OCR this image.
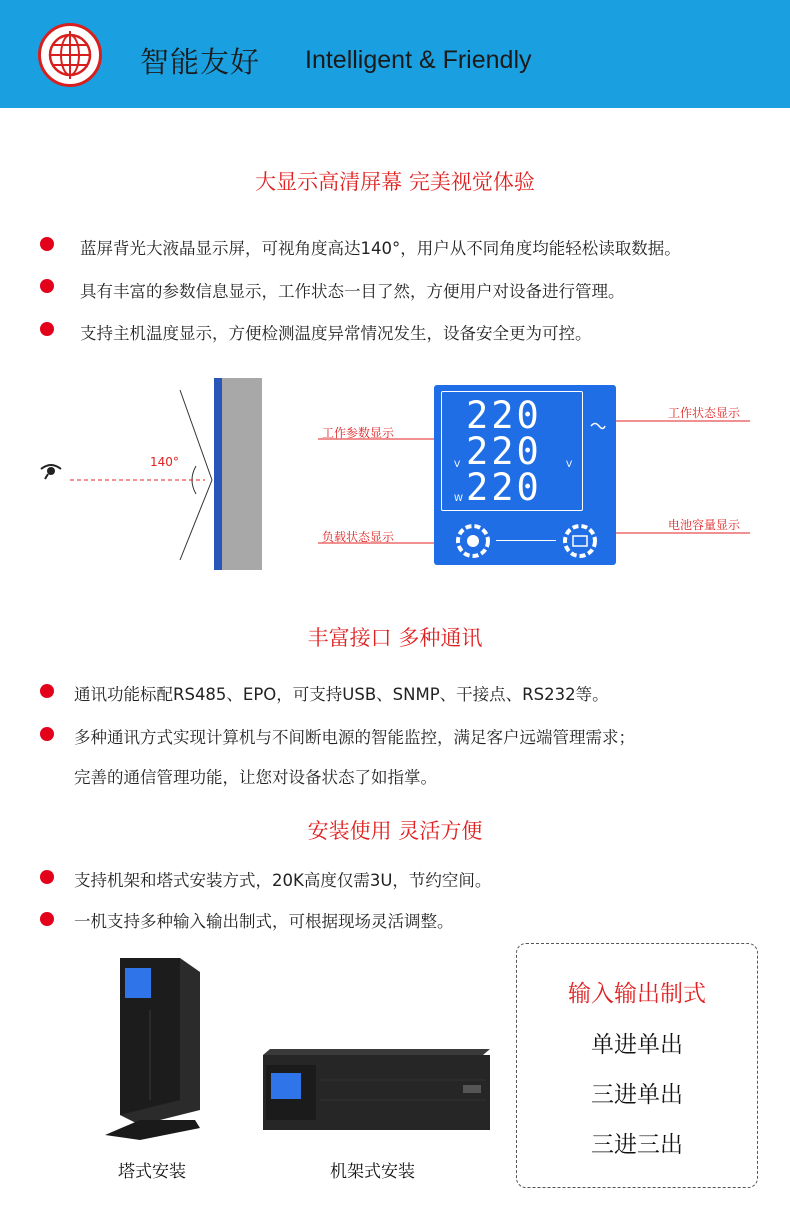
智能友好 Intelligent & Friendly
大显示高清屏幕 完美视觉体验
蓝屏背光大液晶显示屏，可视角度高达140°，用户从不同角度均能轻松读取数据。
具有丰富的参数信息显示，工作状态一目了然，方便用户对设备进行管理。
支持主机温度显示，方便检测温度异常情况发生，设备安全更为可控。
140°
220
220
220
V	V
W
工作参数显示
负载状态显示
工作状态显示
电池容量显示
丰富接口 多种通讯
通讯功能标配RS485、EPO，可支持USB、SNMP、干接点、RS232等。
多种通讯方式实现计算机与不间断电源的智能监控，满足客户远端管理需求；
完善的通信管理功能，让您对设备状态了如指掌。
安装使用 灵活方便
支持机架和塔式安装方式，20K高度仅需3U，节约空间。
一机支持多种输入输出制式，可根据现场灵活调整。
塔式安装	机架式安装
输入输出制式
单进单出
三进单出
三进三出
